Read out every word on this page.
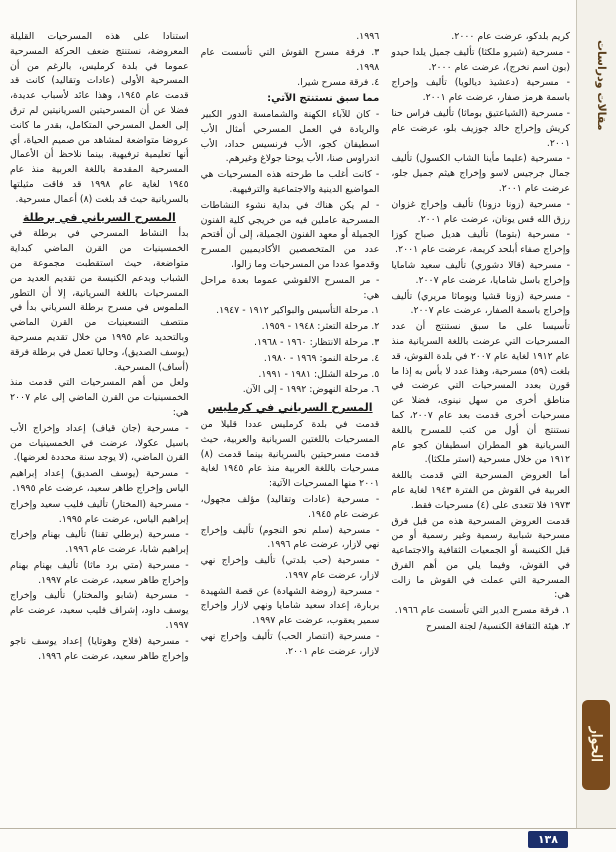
كريم بلدكو، عرضت عام ٢٠٠٠.

- مسرحية (شيرو ملكثا) تأليف جميل يلدا حيدو (بون اسم نخرج)، عرضت عام ٢٠٠٠.

- مسرحية (دعشيذ ديالويا) تأليف وإخراج باسمة هرمز صفار، عرضت عام ٢٠٠١.

- مسرحية (الشياعتيق بوماثا) تأليف فراس حنا كريش وإخراج خالد جوزيف بلو، عرضت عام ٢٠٠١.

- مسرحية (عليما مأينا الشاب الكسول) تأليف جمال جرجيس لاسو وإخراج هيثم جميل جلو، عرضت عام ٢٠٠١.

- مسرحية (زونا دزونا) تأليف وإخراج غزوان رزق الله قس يونان، عرضت عام ٢٠٠١.

- مسرحية (بتوما) تأليف هديل صباح كوزا وإخراج صفاء أبلحد كريمة، عرضت عام ٢٠٠١.

- مسرحية (قالا دشوري) تأليف سعيد شامايا وإخراج باسل شامايا، عرضت عام ٢٠٠٧.

- مسرحية (زونا قشيا ويوماثا مريري) تأليف وإخراج باسمة الصفار، عرضت عام ٢٠٠٧.

تأسيسا على ما سبق نستنتج أن عدد المسرحيات التي عرضت باللغة السريانية منذ عام ١٩١٢ لغاية عام ٢٠٠٧ في بلدة القوش، قد بلغت (٥٩) مسرحية، وهذا عدد لا بأس به إذا ما قورن بعدد المسرحيات التي عرضت في مناطق أخرى من سهل نينوى، فضلا عن مسرحيات أخرى قدمت بعد عام ٢٠٠٧، كما نستنتج أن أول من كتب للمسرح باللغة السريانية هو المطران اسطيفان كجو عام ١٩١٢ من خلال مسرحية (استر ملكثا).

أما العروض المسرحية التي قدمت باللغة العربية في القوش من الفترة ١٩٤٣ لغاية عام ١٩٧٣ فلا تتعدى على (٤) مسرحيات فقط.

قدمت العروض المسرحية هذه من قبل فرق مسرحية شبابية رسمية وغير رسمية أو من قبل الكنيسة أو الجمعيات الثقافية والاجتماعية في القوش، وفيما يلي من أهم الفرق المسرحية التي عملت في القوش ما زالت هي:

١. فرقة مسرح الدير التي تأسست عام ١٩٦٦.

٢. هيئة الثقافة الكنسية/ لجنة المسرح

١٩٩٦.

٣. فرقة مسرح القوش التي تأسست عام ١٩٩٨.

٤. فرقة مسرح شيرا.

مما سبق نستنتج الآتي:

- كان للآباء الكهنة والشمامسة الدور الكبير والريادة في العمل المسرحي أمثال الأب اسطيفان كجو، الأب فرنسيس حداد، الأب اندراوس صنا، الأب يوحنا جولاغ وغيرهم.

- كانت أغلب ما طرحته هذه المسرحيات هي المواضيع الدينية والاجتماعية والترفيهية.

- لم يكن هناك في بداية نشوء النشاطات المسرحية عاملين فيه من خريجي كلية الفنون الجميلة أو معهد الفنون الجميلة، إلى أن أقتحم عدد من المتخصصين الأكاديميين المسرح وقدموا عددا من المسرحيات وما زالوا.

- مر المسرح الالقوشي عموما بعدة مراحل هي:

١. مرحلة التأسيس والبواكير ١٩١٢ - ١٩٤٧.

٢. مرحلة التعثر: ١٩٤٨ - ١٩٥٩.

٣. مرحلة الانتظار: ١٩٦٠ - ١٩٦٨.

٤. مرحلة النمو: ١٩٦٩ - ١٩٨٠.

٥. مرحلة الشلل: ١٩٨١ - ١٩٩١.

٦. مرحلة النهوض: ١٩٩٢ - إلى الآن.

المسرح السرياني في كرمليس

قدمت في بلدة كرمليس عددا قليلا من المسرحيات باللغتين السريانية والعربية، حيث قدمت مسرحيتين بالسريانية بينما قدمت (٨) مسرحيات باللغة العربية منذ عام ١٩٤٥ لغاية ٢٠٠١ منها المسرحيات الآتية:

- مسرحية (عادات وتقاليد) مؤلف مجهول، عرضت عام ١٩٤٥.

- مسرحية (سلم نحو النجوم) تأليف وإخراج نهي لازار، عرضت عام ١٩٩٦.

- مسرحية (حب بلدتي) تأليف وإخراج نهي لازار، عرضت عام ١٩٩٧.

- مسرحية (روضة الشهادة) عن قصة الشهيدة بربارة، إعداد سعيد شامايا ونهي لازار وإخراج سمير يعقوب، عرضت عام ١٩٩٧.

- مسرحية (انتصار الحب) تأليف وإخراج نهي لازار، عرضت عام ٢٠٠١.

استنادا على هذه المسرحيات القليلة المعروضة، نستنتج ضعف الحركة المسرحية عموما في بلدة كرمليس، بالرغم من أن المسرحية الأولى (عادات وتقاليد) كانت قد قدمت عام ١٩٤٥، وهذا عائد لأسباب عديدة، فضلا عن أن المسرحيتين السريانيتين لم ترق إلى العمل المسرحي المتكامل، بقدر ما كانت عروضا متواضعة لمشاهد من صميم الحياة، أي أنها تعليمية ترفيهية. بينما نلاحظ أن الأعمال المسرحية المقدمة باللغة العربية منذ عام ١٩٤٥ لغاية عام ١٩٩٨ قد فاقت مثيلتها بالسريانية حيث قد بلغت (٨) أعمال مسرحية.

المسرح السرياني في برطلة

بدأ النشاط المسرحي في برطلة في الخمسينيات من القرن الماضي كبداية متواضعة، حيث استقطبت مجموعة من الشباب وبدعم الكنيسة من تقديم العديد من المسرحيات باللغة السريانية، إلا أن التطور الملموس في مسرح برطلة السرياني بدأ في منتصف التسعينيات من القرن الماضي وبالتحديد عام ١٩٩٥ من خلال تقديم مسرحية (يوسف الصديق)، وحاليا تعمل في برطلة فرقة (أساف) المسرحية.

ولعل من أهم المسرحيات التي قدمت منذ الخمسينيات من القرن الماضي إلى عام ٢٠٠٧ هي:

- مسرحية (جان قياف) إعداد وإخراج الأب باسيل عكولا، عرضت في الخمسينيات من القرن الماضي، (لا يوجد سنة محددة لعرضها).

- مسرحية (يوسف الصديق) إعداد إبراهيم الياس وإخراج طاهر سعيد، عرضت عام ١٩٩٥.

- مسرحية (المختار) تأليف فليب سعيد وإخراج إبراهيم الياس، عرضت عام ١٩٩٥.

- مسرحية (برطلي تقنا) تأليف بهنام وإخراج إبراهيم شابا، عرضت عام ١٩٩٦.

- مسرحية (متي برد ماثا) تأليف بهنام بهنام وإخراج طاهر سعيد، عرضت عام ١٩٩٧.

- مسرحية (شابو والمختار) تأليف وإخراج يوسف داود، إشراف فليب سعيد، عرضت عام ١٩٩٧.

- مسرحية (فلاح وهوتايا) إعداد يوسف ناجو وإخراج طاهر سعيد، عرضت عام ١٩٩٦.

مقالات ودراسات
الحوار
١٣٨
